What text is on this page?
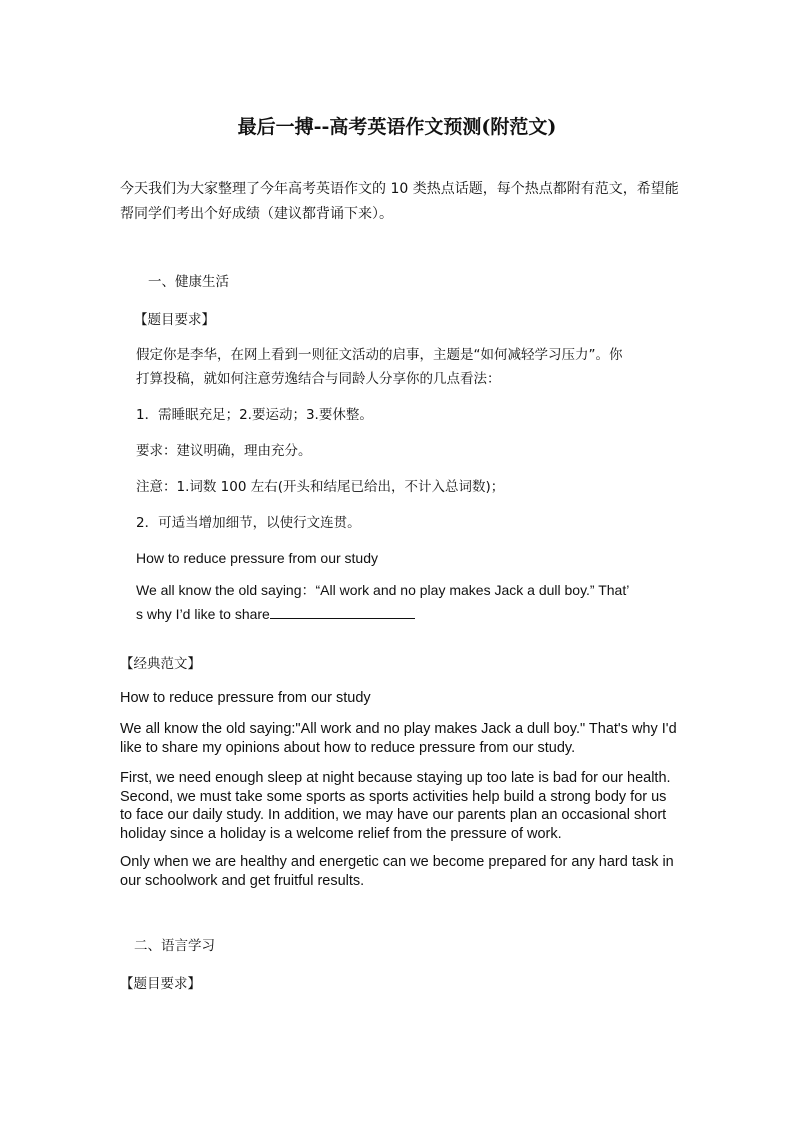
最后一搏--高考英语作文预测(附范文)

今天我们为大家整理了今年高考英语作文的 10 类热点话题，每个热点都附有范文，希望能帮同学们考出个好成绩（建议都背诵下来）。

一、健康生活

【题目要求】

假定你是李华，在网上看到一则征文活动的启事，主题是“如何减轻学习压力”。你

打算投稿，就如何注意劳逸结合与同龄人分享你的几点看法：

1．需睡眠充足；2.要运动；3.要休整。

要求：建议明确，理由充分。

注意：1.词数 100 左右(开头和结尾已给出，不计入总词数)；

2．可适当增加细节，以使行文连贯。

How to reduce pressure from our study

We all know the old saying：“All work and no play makes Jack a dull boy.” That’

s why I’d like to share

【经典范文】

How to reduce pressure from our study

We all know the old saying:"All work and no play makes Jack a dull boy." That's why I'd like to share my opinions about how to reduce pressure from our study.

First, we need enough sleep at night because staying up too late is bad for our health. Second, we must take some sports as sports activities help build a strong body for us to face our daily study. In addition, we may have our parents plan an occasional short holiday since a holiday is a welcome relief from the pressure of work.

Only when we are healthy and energetic can we become prepared for any hard task in our schoolwork and get fruitful results.

二、语言学习

【题目要求】
